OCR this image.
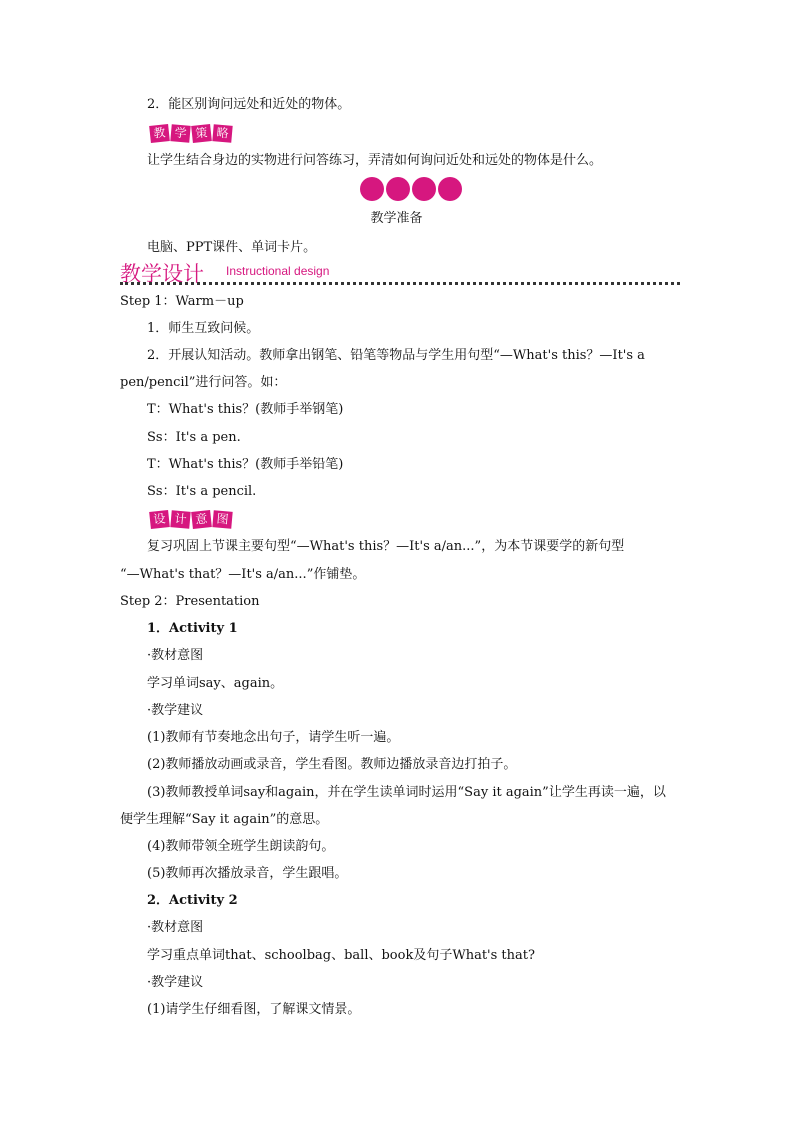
2．能区别询问远处和近处的物体。
教 学 策 略
让学生结合身边的实物进行问答练习，弄清如何询问近处和远处的物体是什么。
教学准备
电脑、PPT课件、单词卡片。
教学设计 Instructional design
Step 1：Warm－up
1．师生互致问候。
2．开展认知活动。教师拿出钢笔、铅笔等物品与学生用句型“—What's this？—It's a
pen/pencil”进行问答。如：
T：What's this？(教师手举钢笔)
Ss：It's a pen.
T：What's this？(教师手举铅笔)
Ss：It's a pencil.
设 计 意 图
复习巩固上节课主要句型“—What's this？—It's a/an...”，为本节课要学的新句型
“—What's that？—It's a/an...”作铺垫。
Step 2：Presentation
1．Activity 1
·教材意图
学习单词say、again。
·教学建议
(1)教师有节奏地念出句子，请学生听一遍。
(2)教师播放动画或录音，学生看图。教师边播放录音边打拍子。
(3)教师教授单词say和again，并在学生读单词时运用“Say it again”让学生再读一遍，以
便学生理解“Say it again”的意思。
(4)教师带领全班学生朗读韵句。
(5)教师再次播放录音，学生跟唱。
2．Activity 2
·教材意图
学习重点单词that、schoolbag、ball、book及句子What's that?
·教学建议
(1)请学生仔细看图，了解课文情景。
